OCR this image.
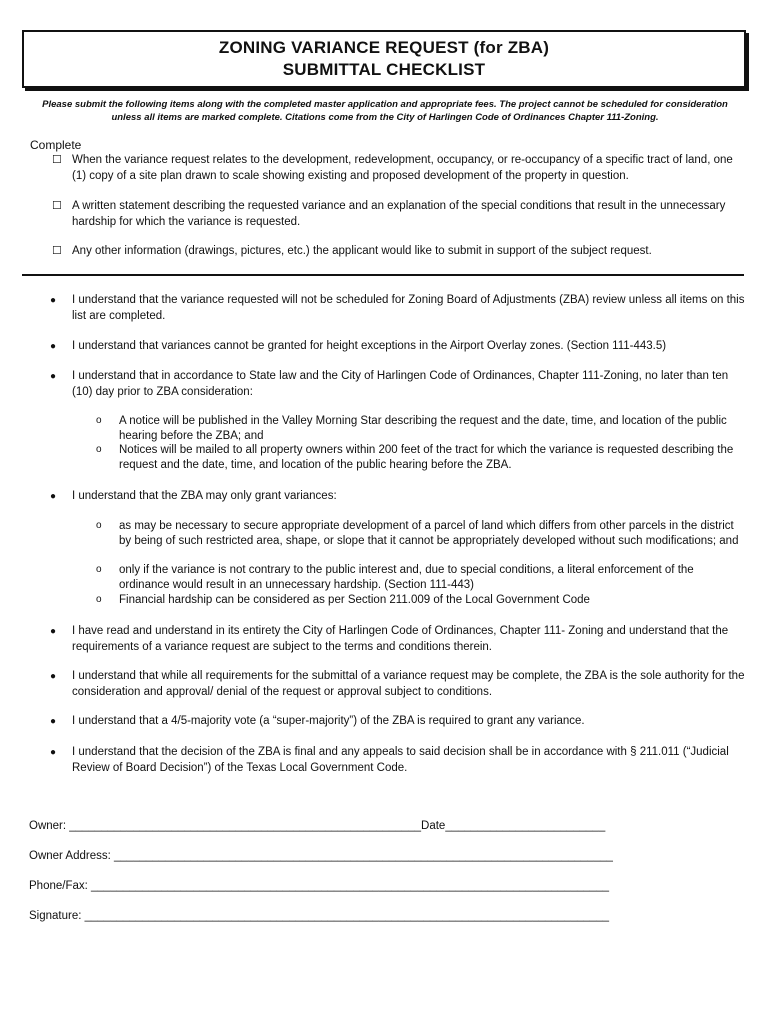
ZONING VARIANCE REQUEST (for ZBA)
SUBMITTAL CHECKLIST
Please submit the following items along with the completed master application and appropriate fees. The project cannot be scheduled for consideration unless all items are marked complete. Citations come from the City of Harlingen Code of Ordinances Chapter 111-Zoning.
Complete
☐ When the variance request relates to the development, redevelopment, occupancy, or re-occupancy of a specific tract of land, one (1) copy of a site plan drawn to scale showing existing and proposed development of the property in question.
☐ A written statement describing the requested variance and an explanation of the special conditions that result in the unnecessary hardship for which the variance is requested.
☐ Any other information (drawings, pictures, etc.) the applicant would like to submit in support of the subject request.
●	I understand that the variance requested will not be scheduled for Zoning Board of Adjustments (ZBA) review unless all items on this list are completed.
●	I understand that variances cannot be granted for height exceptions in the Airport Overlay zones. (Section 111-443.5)
●	I understand that in accordance to State law and the City of Harlingen Code of Ordinances, Chapter 111-Zoning, no later than ten (10) day prior to ZBA consideration:
o	A notice will be published in the Valley Morning Star describing the request and the date, time, and location of the public hearing before the ZBA; and
o	Notices will be mailed to all property owners within 200 feet of the tract for which the variance is requested describing the request and the date, time, and location of the public hearing before the ZBA.
●	I understand that the ZBA may only grant variances:
o	as may be necessary to secure appropriate development of a parcel of land which differs from other parcels in the district by being of such restricted area, shape, or slope that it cannot be appropriately developed without such modifications; and
o	only if the variance is not contrary to the public interest and, due to special conditions, a literal enforcement of the ordinance would result in an unnecessary hardship. (Section 111-443)
o	Financial hardship can be considered as per Section 211.009 of the Local Government Code
●	I have read and understand in its entirety the City of Harlingen Code of Ordinances, Chapter 111- Zoning and understand that the requirements of a variance request are subject to the terms and conditions therein.
●	I understand that while all requirements for the submittal of a variance request may be complete, the ZBA is the sole authority for the consideration and approval/ denial of the request or approval subject to conditions.
●	I understand that a 4/5-majority vote (a “super-majority”) of the ZBA is required to grant any variance.
●	I understand that the decision of the ZBA is final and any appeals to said decision shall be in accordance with § 211.011 (“Judicial Review of Board Decision”) of the Texas Local Government Code.
Owner: _______________________________________________________Date_________________________
Owner Address: ______________________________________________________________________________
Phone/Fax: _________________________________________________________________________________
Signature: __________________________________________________________________________________
